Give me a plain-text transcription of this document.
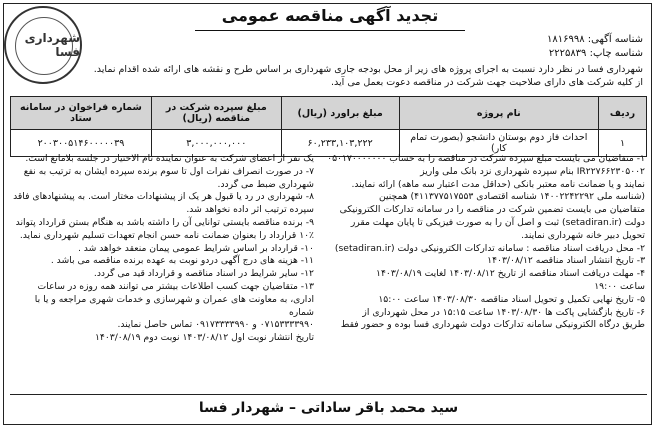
شهرداری فسا
تجدید آگهی مناقصه عمومی
شناسه آگهی: ۱۸۱۶۹۹۸
شناسه چاپ: ۲۲۲۵۸۳۹
شهرداری فسا در نظر دارد نسبت به اجرای پروژه های زیر از محل بودجه جاری شهرداری بر اساس طرح و نقشه های ارائه شده اقدام نماید.
از کلیه شرکت های دارای صلاحیت جهت شرکت در مناقصه دعوت بعمل می آید.
ردیف	نام پروژه	مبلغ براورد (ریال)	مبلغ سپرده شرکت در مناقصه (ریال)	شماره فراخوان در سامانه ستاد
۱	احداث فاز دوم بوستان دانشجو (بصورت تمام کار)	۶۰,۲۳۳,۱۰۳,۲۲۲	۳,۰۰۰,۰۰۰,۰۰۰	۲۰۰۳۰۰۵۱۴۶۰۰۰۰۰۳۹

۱- متقاضیان می بایست مبلغ سپرده شرکت در مناقصه را به حساب ۰۵۰۱۷۰۰۰۰۰۰۰ IR۲۲۷۶۶۲۳۰۵۰۰۲ بنام سپرده شهرداری نزد بانک ملی واریز

نمایند و یا ضمانت نامه معتبر بانکی (حداقل مدت اعتبار سه ماهه) ارائه نمایند.

(شناسه ملی ۱۴۰۰۲۲۴۲۲۹۲ شناسه اقتصادی ۴۱۱۳۷۷۵۱۷۵۵۳) همچنین

متقاضیان می بایست تضمین شرکت در مناقصه را در سامانه تدارکات الکترونیکی

دولت (setadiran.ir) ثبت و اصل آن را به صورت فیزیکی تا پایان مهلت مقرر

تحویل دبیر خانه شهرداری نمایند.

۲- محل دریافت اسناد مناقصه : سامانه تدارکات الکترونیکی دولت (setadiran.ir)

۳- تاریخ انتشار اسناد مناقصه ۱۴۰۳/۰۸/۱۲

۴- مهلت دریافت اسناد مناقصه از تاریخ ۱۴۰۳/۰۸/۱۲ لغایت ۱۴۰۳/۰۸/۱۹

ساعت ۱۹:۰۰

۵- تاریخ نهایی تکمیل و تحویل اسناد مناقصه ۱۴۰۳/۰۸/۳۰ ساعت ۱۵:۰۰

۶- تاریخ بازگشایی پاکت ها ۱۴۰۳/۰۸/۳۰ ساعت ۱۵:۱۵ در محل شهرداری از

طریق درگاه الکترونیکی سامانه تدارکات دولت شهرداری فسا بوده و حضور فقط

یک نفر از اعضای شرکت به عنوان نماینده تام الاختیار در جلسه بلامانع است.

۷- در صورت انصراف نفرات اول تا سوم برنده سپرده ایشان به ترتیب به نفع

شهرداری ضبط می گردد.

۸- شهرداری در رد یا قبول هر یک از پیشنهادات مختار است. به پیشنهادهای فاقد

سپرده ترتیب اثر داده نخواهد شد.

۹- برنده مناقصه بایستی توانایی آن را داشته باشد به هنگام بستن قرارداد پتواند

۱۰٪ قرارداد را بعنوان ضمانت نامه حسن انجام تعهدات تسلیم شهرداری نماید.

۱۰- قرارداد بر اساس شرایط عمومی پیمان منعقد خواهد شد .

۱۱- هزینه های درج آگهی دردو نوبت به عهده برنده مناقصه می باشد .

۱۲- سایر شرایط در اسناد مناقصه و قرارداد قید می گردد.

۱۳- متقاضیان جهت کسب اطلاعات بیشتر می توانند همه روزه در ساعات

اداری، به معاونت های عمران و شهرسازی و خدمات شهری مراجعه و یا با شماره

۰۷۱۵۳۳۳۳۹۹۰ و ۰۹۱۷۳۳۳۳۹۹۰ تماس حاصل نمایند.

تاریخ انتشار نوبت اول ۱۴۰۳/۰۸/۱۲ نوبت دوم ۱۴۰۳/۰۸/۱۹

سید محمد باقر ساداتی – شهردار فسا
